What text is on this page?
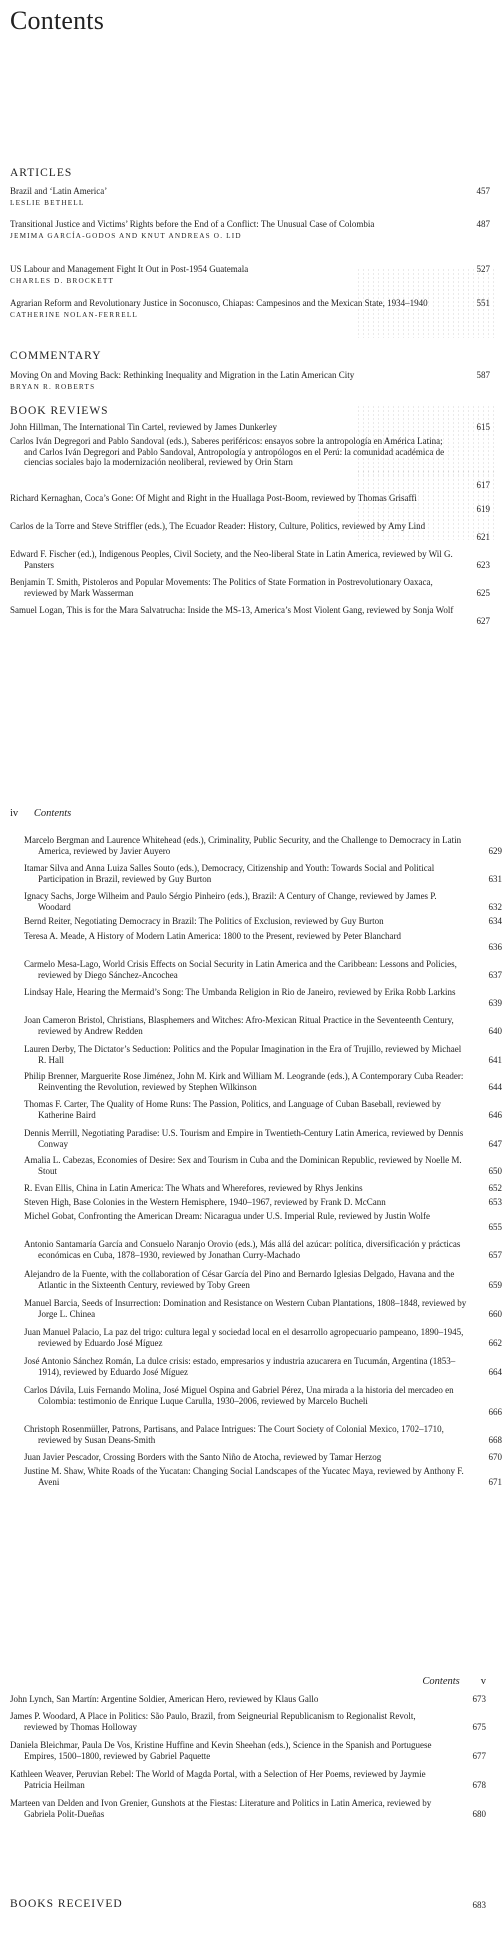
Contents
ARTICLES
Brazil and ‘Latin America’
LESLIE BETHELL
457
Transitional Justice and Victims’ Rights before the End of a Conflict: The Unusual Case of Colombia
JEMIMA GARCÍA-GODOS AND KNUT ANDREAS O. LID
487
US Labour and Management Fight It Out in Post-1954 Guatemala
CHARLES D. BROCKETT
527
Agrarian Reform and Revolutionary Justice in Soconusco, Chiapas: Campesinos and the Mexican State, 1934–1940
CATHERINE NOLAN-FERRELL
551
COMMENTARY
Moving On and Moving Back: Rethinking Inequality and Migration in the Latin American City
BRYAN R. ROBERTS
587
BOOK REVIEWS
John Hillman, The International Tin Cartel, reviewed by James Dunkerley	615
Carlos Iván Degregori and Pablo Sandoval (eds.), Saberes periféricos: ensayos sobre la antropología en América Latina; and Carlos Iván Degregori and Pablo Sandoval, Antropología y antropólogos en el Perú: la comunidad académica de ciencias sociales bajo la modernización neoliberal, reviewed by Orin Starn
617
Richard Kernaghan, Coca’s Gone: Of Might and Right in the Huallaga Post-Boom, reviewed by Thomas Grisaffi
619
Carlos de la Torre and Steve Striffler (eds.), The Ecuador Reader: History, Culture, Politics, reviewed by Amy Lind
621
Edward F. Fischer (ed.), Indigenous Peoples, Civil Society, and the Neo-liberal State in Latin America, reviewed by Wil G. Pansters	623
Benjamin T. Smith, Pistoleros and Popular Movements: The Politics of State Formation in Postrevolutionary Oaxaca, reviewed by Mark Wasserman	625
Samuel Logan, This is for the Mara Salvatrucha: Inside the MS-13, America’s Most Violent Gang, reviewed by Sonja Wolf
627
iv Contents
Marcelo Bergman and Laurence Whitehead (eds.), Criminality, Public Security, and the Challenge to Democracy in Latin America, reviewed by Javier Auyero	629
Itamar Silva and Anna Luiza Salles Souto (eds.), Democracy, Citizenship and Youth: Towards Social and Political Participation in Brazil, reviewed by Guy Burton	631
Ignacy Sachs, Jorge Wilheim and Paulo Sérgio Pinheiro (eds.), Brazil: A Century of Change, reviewed by James P. Woodard	632
Bernd Reiter, Negotiating Democracy in Brazil: The Politics of Exclusion, reviewed by Guy Burton	634
Teresa A. Meade, A History of Modern Latin America: 1800 to the Present, reviewed by Peter Blanchard
636
Carmelo Mesa-Lago, World Crisis Effects on Social Security in Latin America and the Caribbean: Lessons and Policies, reviewed by Diego Sánchez-Ancochea	637
Lindsay Hale, Hearing the Mermaid’s Song: The Umbanda Religion in Rio de Janeiro, reviewed by Erika Robb Larkins
639
Joan Cameron Bristol, Christians, Blasphemers and Witches: Afro-Mexican Ritual Practice in the Seventeenth Century, reviewed by Andrew Redden	640
Lauren Derby, The Dictator’s Seduction: Politics and the Popular Imagination in the Era of Trujillo, reviewed by Michael R. Hall	641
Philip Brenner, Marguerite Rose Jiménez, John M. Kirk and William M. Leogrande (eds.), A Contemporary Cuba Reader: Reinventing the Revolution, reviewed by Stephen Wilkinson	644
Thomas F. Carter, The Quality of Home Runs: The Passion, Politics, and Language of Cuban Baseball, reviewed by Katherine Baird	646
Dennis Merrill, Negotiating Paradise: U.S. Tourism and Empire in Twentieth-Century Latin America, reviewed by Dennis Conway	647
Amalia L. Cabezas, Economies of Desire: Sex and Tourism in Cuba and the Dominican Republic, reviewed by Noelle M. Stout	650
R. Evan Ellis, China in Latin America: The Whats and Wherefores, reviewed by Rhys Jenkins	652
Steven High, Base Colonies in the Western Hemisphere, 1940–1967, reviewed by Frank D. McCann	653
Michel Gobat, Confronting the American Dream: Nicaragua under U.S. Imperial Rule, reviewed by Justin Wolfe
655
Antonio Santamaría García and Consuelo Naranjo Orovio (eds.), Más allá del azúcar: política, diversificación y prácticas económicas en Cuba, 1878–1930, reviewed by Jonathan Curry-Machado	657
Alejandro de la Fuente, with the collaboration of César García del Pino and Bernardo Iglesias Delgado, Havana and the Atlantic in the Sixteenth Century, reviewed by Toby Green	659
Manuel Barcia, Seeds of Insurrection: Domination and Resistance on Western Cuban Plantations, 1808–1848, reviewed by Jorge L. Chinea	660
Juan Manuel Palacio, La paz del trigo: cultura legal y sociedad local en el desarrollo agropecuario pampeano, 1890–1945, reviewed by Eduardo José Míguez	662
José Antonio Sánchez Román, La dulce crisis: estado, empresarios y industria azucarera en Tucumán, Argentina (1853–1914), reviewed by Eduardo José Míguez	664
Carlos Dávila, Luis Fernando Molina, José Miguel Ospina and Gabriel Pérez, Una mirada a la historia del mercadeo en Colombia: testimonio de Enrique Luque Carulla, 1930–2006, reviewed by Marcelo Bucheli
666
Christoph Rosenmüller, Patrons, Partisans, and Palace Intrigues: The Court Society of Colonial Mexico, 1702–1710, reviewed by Susan Deans-Smith	668
Juan Javier Pescador, Crossing Borders with the Santo Niño de Atocha, reviewed by Tamar Herzog	670
Justine M. Shaw, White Roads of the Yucatan: Changing Social Landscapes of the Yucatec Maya, reviewed by Anthony F. Aveni	671
Contents v
John Lynch, San Martín: Argentine Soldier, American Hero, reviewed by Klaus Gallo	673
James P. Woodard, A Place in Politics: São Paulo, Brazil, from Seigneurial Republicanism to Regionalist Revolt, reviewed by Thomas Holloway	675
Daniela Bleichmar, Paula De Vos, Kristine Huffine and Kevin Sheehan (eds.), Science in the Spanish and Portuguese Empires, 1500–1800, reviewed by Gabriel Paquette	677
Kathleen Weaver, Peruvian Rebel: The World of Magda Portal, with a Selection of Her Poems, reviewed by Jaymie Patricia Heilman	678
Marteen van Delden and Ivon Grenier, Gunshots at the Fiestas: Literature and Politics in Latin America, reviewed by Gabriela Polit-Dueñas	680
BOOKS RECEIVED	683
